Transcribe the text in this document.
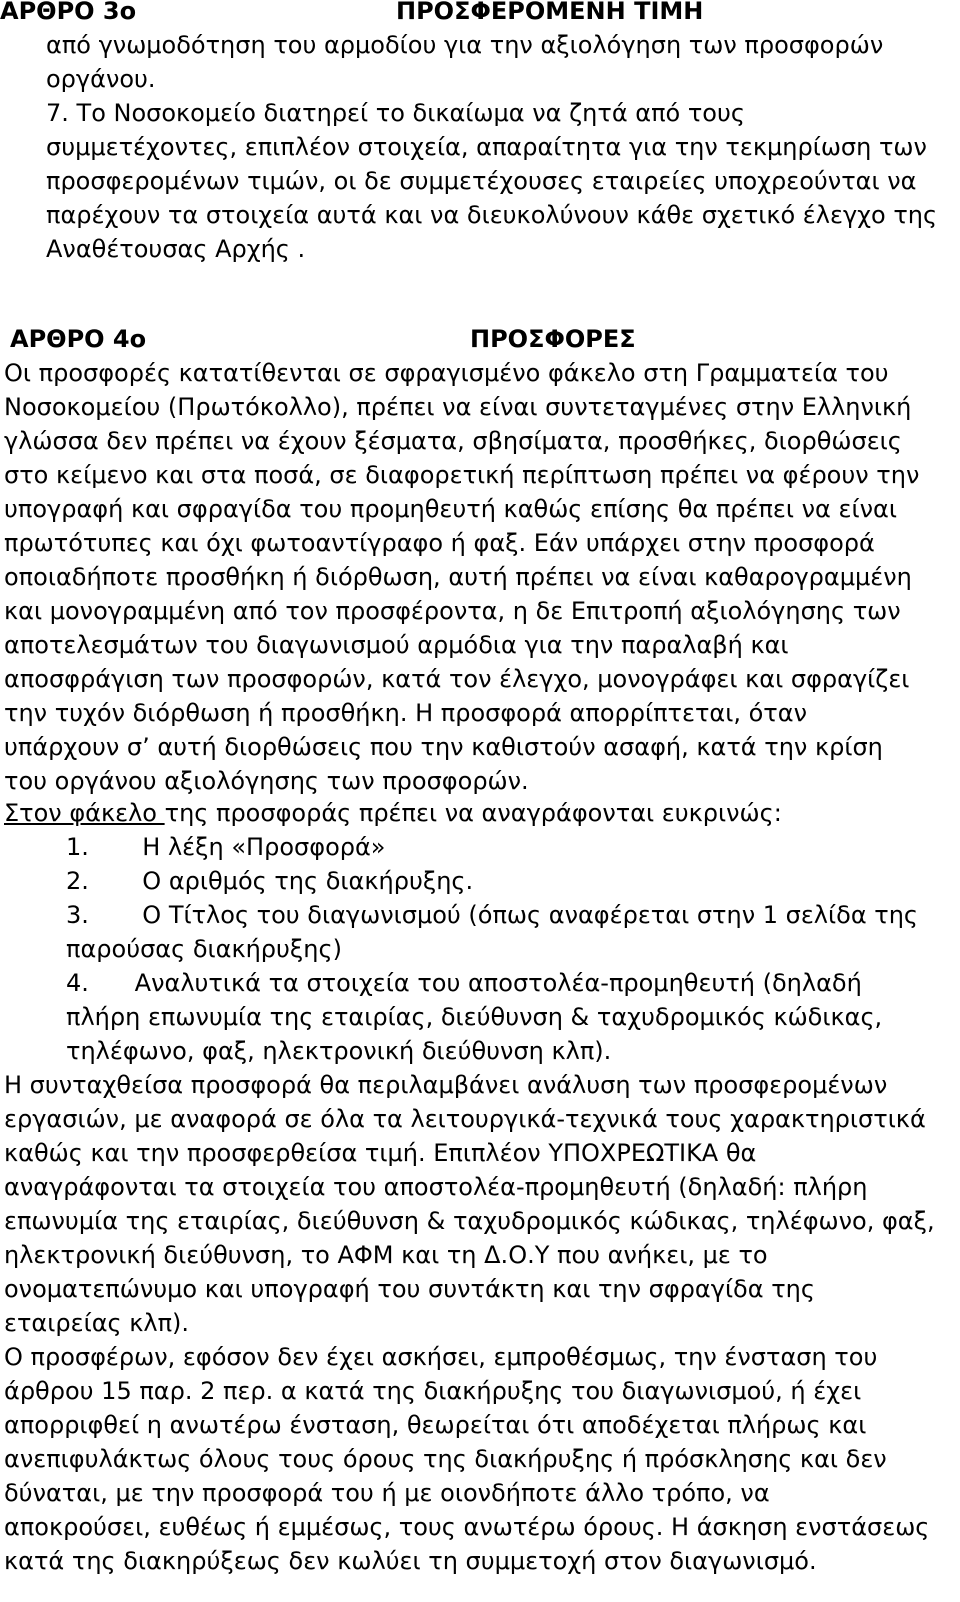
ΑΡΘΡΟ 3ο	ΠΡΟΣΦΕΡΟΜΕΝΗ ΤΙΜΗ
από γνωμοδότηση του αρμοδίου για την αξιολόγηση των προσφορών
οργάνου.
7. Το Νοσοκομείο διατηρεί το δικαίωμα να ζητά από τους
συμμετέχοντες, επιπλέον στοιχεία, απαραίτητα για την τεκμηρίωση των
προσφερομένων τιμών, οι δε συμμετέχουσες εταιρείες υποχρεούνται να
παρέχουν τα στοιχεία αυτά και να διευκολύνουν κάθε σχετικό έλεγχο της
Αναθέτουσας Αρχής .
ΑΡΘΡΟ 4ο	ΠΡΟΣΦΟΡΕΣ
Οι προσφορές κατατίθενται σε σφραγισμένο φάκελο στη Γραμματεία του
Νοσοκομείου (Πρωτόκολλο), πρέπει να είναι συντεταγμένες στην Ελληνική
γλώσσα δεν πρέπει να έχουν ξέσματα, σβησίματα, προσθήκες, διορθώσεις
στο κείμενο και στα ποσά, σε διαφορετική περίπτωση πρέπει να φέρουν την
υπογραφή και σφραγίδα του προμηθευτή καθώς επίσης θα πρέπει να είναι
πρωτότυπες και όχι φωτοαντίγραφο ή φαξ. Εάν υπάρχει στην προσφορά
οποιαδήποτε προσθήκη ή διόρθωση, αυτή πρέπει να είναι καθαρογραμμένη
και μονογραμμένη από τον προσφέροντα, η δε Επιτροπή αξιολόγησης των
αποτελεσμάτων του διαγωνισμού αρμόδια για την παραλαβή και
αποσφράγιση των προσφορών, κατά τον έλεγχο, μονογράφει και σφραγίζει
την τυχόν διόρθωση ή προσθήκη. Η προσφορά απορρίπτεται, όταν
υπάρχουν σ’ αυτή διορθώσεις που την καθιστούν ασαφή, κατά την κρίση
του οργάνου αξιολόγησης των προσφορών.
Στον φάκελο της προσφοράς πρέπει να αναγράφονται ευκρινώς:
1.       Η λέξη «Προσφορά»
2.       Ο αριθμός της διακήρυξης.
3.       Ο Τίτλος του διαγωνισμού (όπως αναφέρεται στην 1 σελίδα της
παρούσας διακήρυξης)
4.      Αναλυτικά τα στοιχεία του αποστολέα-προμηθευτή (δηλαδή
πλήρη επωνυμία της εταιρίας, διεύθυνση & ταχυδρομικός κώδικας,
τηλέφωνο, φαξ, ηλεκτρονική διεύθυνση κλπ).
Η συνταχθείσα προσφορά θα περιλαμβάνει ανάλυση των προσφερομένων
εργασιών, με αναφορά σε όλα τα λειτουργικά-τεχνικά τους χαρακτηριστικά
καθώς και την προσφερθείσα τιμή. Επιπλέον ΥΠΟΧΡΕΩΤΙΚΑ θα
αναγράφονται τα στοιχεία του αποστολέα-προμηθευτή (δηλαδή: πλήρη
επωνυμία της εταιρίας, διεύθυνση & ταχυδρομικός κώδικας, τηλέφωνο, φαξ,
ηλεκτρονική διεύθυνση, το ΑΦΜ και τη Δ.Ο.Υ που ανήκει, με το
ονοματεπώνυμο και υπογραφή του συντάκτη και την σφραγίδα της
εταιρείας κλπ).
Ο προσφέρων, εφόσον δεν έχει ασκήσει, εμπροθέσμως, την ένσταση του
άρθρου 15 παρ. 2 περ. α κατά της διακήρυξης του διαγωνισμού, ή έχει
απορριφθεί η ανωτέρω ένσταση, θεωρείται ότι αποδέχεται πλήρως και
ανεπιφυλάκτως όλους τους όρους της διακήρυξης ή πρόσκλησης και δεν
δύναται, με την προσφορά του ή με οιονδήποτε άλλο τρόπο, να
αποκρούσει, ευθέως ή εμμέσως, τους ανωτέρω όρους. Η άσκηση ενστάσεως
κατά της διακηρύξεως δεν κωλύει τη συμμετοχή στον διαγωνισμό.
